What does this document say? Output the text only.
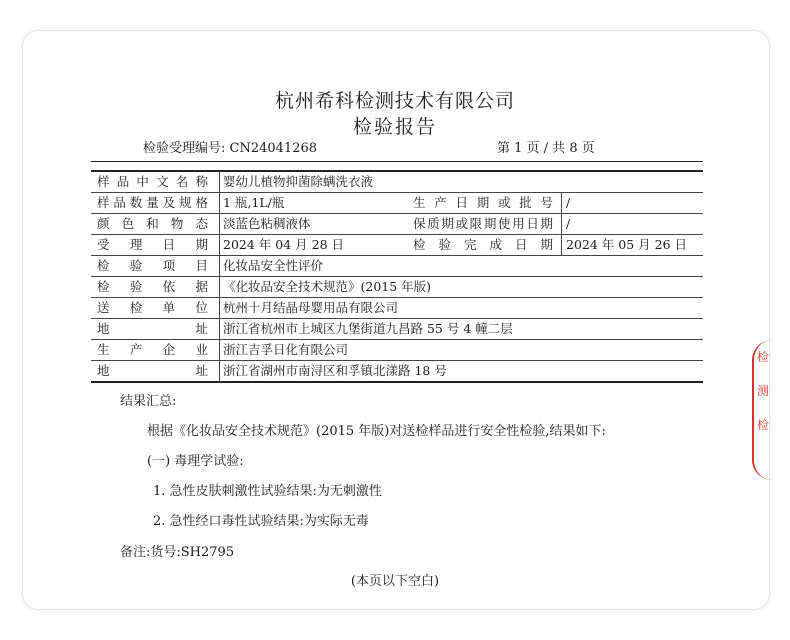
杭州希科检测技术有限公司
检验报告
检验受理编号: CN24041268	第 1 页 / 共 8 页
样品中文名称	婴幼儿植物抑菌除螨洗衣液
样品数量及规格	1 瓶,1L/瓶	生产日期或批号	/
颜色和物态	淡蓝色粘稠液体	保质期或限期使用日期	/
受理日期	2024 年 04 月 28 日	检验完成日期	2024 年 05 月 26 日
检验项目	化妆品安全性评价
检验依据	《化妆品安全技术规范》(2015 年版)
送检单位	杭州十月结晶母婴用品有限公司
地址	浙江省杭州市上城区九堡街道九昌路 55 号 4 幢二层
生产企业	浙江吉孚日化有限公司
地址	浙江省湖州市南浔区和孚镇北漾路 18 号
结果汇总:
根据《化妆品安全技术规范》(2015 年版)对送检样品进行安全性检验,结果如下:
(一) 毒理学试验:
1. 急性皮肤刺激性试验结果:为无刺激性
2. 急性经口毒性试验结果:为实际无毒
备注:货号:SH2795
(本页以下空白)
检
测
检
